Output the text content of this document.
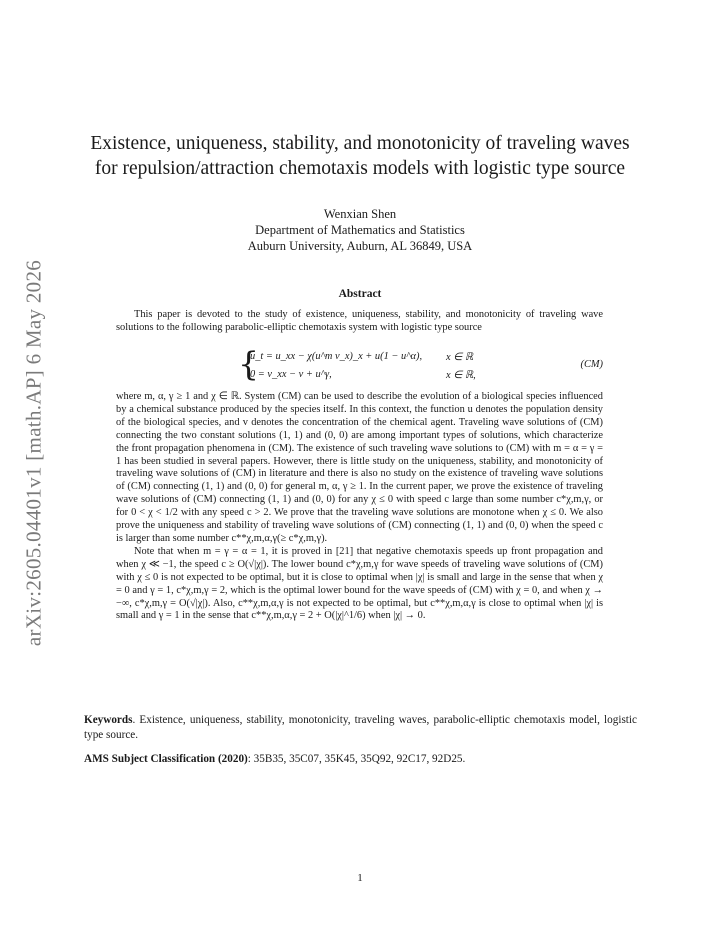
arXiv:2605.04401v1 [math.AP] 6 May 2026
Existence, uniqueness, stability, and monotonicity of traveling waves
for repulsion/attraction chemotaxis models with logistic type source
Wenxian Shen
Department of Mathematics and Statistics
Auburn University, Auburn, AL 36849, USA
Abstract

This paper is devoted to the study of existence, uniqueness, stability, and monotonicity of traveling wave solutions to the following parabolic-elliptic chemotaxis system with logistic type source

{
u_t = u_xx − χ(u^m v_x)_x + u(1 − u^α), x ∈ ℝ
0 = v_xx − v + u^γ,	x ∈ ℝ,
(CM)

where m, α, γ ≥ 1 and χ ∈ ℝ. System (CM) can be used to describe the evolution of a biological species influenced by a chemical substance produced by the species itself. In this context, the function u denotes the population density of the biological species, and v denotes the concentration of the chemical agent. Traveling wave solutions of (CM) connecting the two constant solutions (1, 1) and (0, 0) are among important types of solutions, which characterize the front propagation phenomena in (CM). The existence of such traveling wave solutions to (CM) with m = α = γ = 1 has been studied in several papers. However, there is little study on the uniqueness, stability, and monotonicity of traveling wave solutions of (CM) in literature and there is also no study on the existence of traveling wave solutions of (CM) connecting (1, 1) and (0, 0) for general m, α, γ ≥ 1. In the current paper, we prove the existence of traveling wave solutions of (CM) connecting (1, 1) and (0, 0) for any χ ≤ 0 with speed c large than some number c*χ,m,γ, or for 0 < χ < 1/2 with any speed c > 2. We prove that the traveling wave solutions are monotone when χ ≤ 0. We also prove the uniqueness and stability of traveling wave solutions of (CM) connecting (1, 1) and (0, 0) when the speed c is larger than some number c**χ,m,α,γ(≥ c*χ,m,γ).

Note that when m = γ = α = 1, it is proved in [21] that negative chemotaxis speeds up front propagation and when χ ≪ −1, the speed c ≥ O(√|χ|). The lower bound c*χ,m,γ for wave speeds of traveling wave solutions of (CM) with χ ≤ 0 is not expected to be optimal, but it is close to optimal when |χ| is small and large in the sense that when χ = 0 and γ = 1, c*χ,m,γ = 2, which is the optimal lower bound for the wave speeds of (CM) with χ = 0, and when χ → −∞, c*χ,m,γ = O(√|χ|). Also, c**χ,m,α,γ is not expected to be optimal, but c**χ,m,α,γ is close to optimal when |χ| is small and γ = 1 in the sense that c**χ,m,α,γ = 2 + O(|χ|^1/6) when |χ| → 0.

Keywords. Existence, uniqueness, stability, monotonicity, traveling waves, parabolic-elliptic chemotaxis model, logistic type source.
AMS Subject Classification (2020): 35B35, 35C07, 35K45, 35Q92, 92C17, 92D25.
1
